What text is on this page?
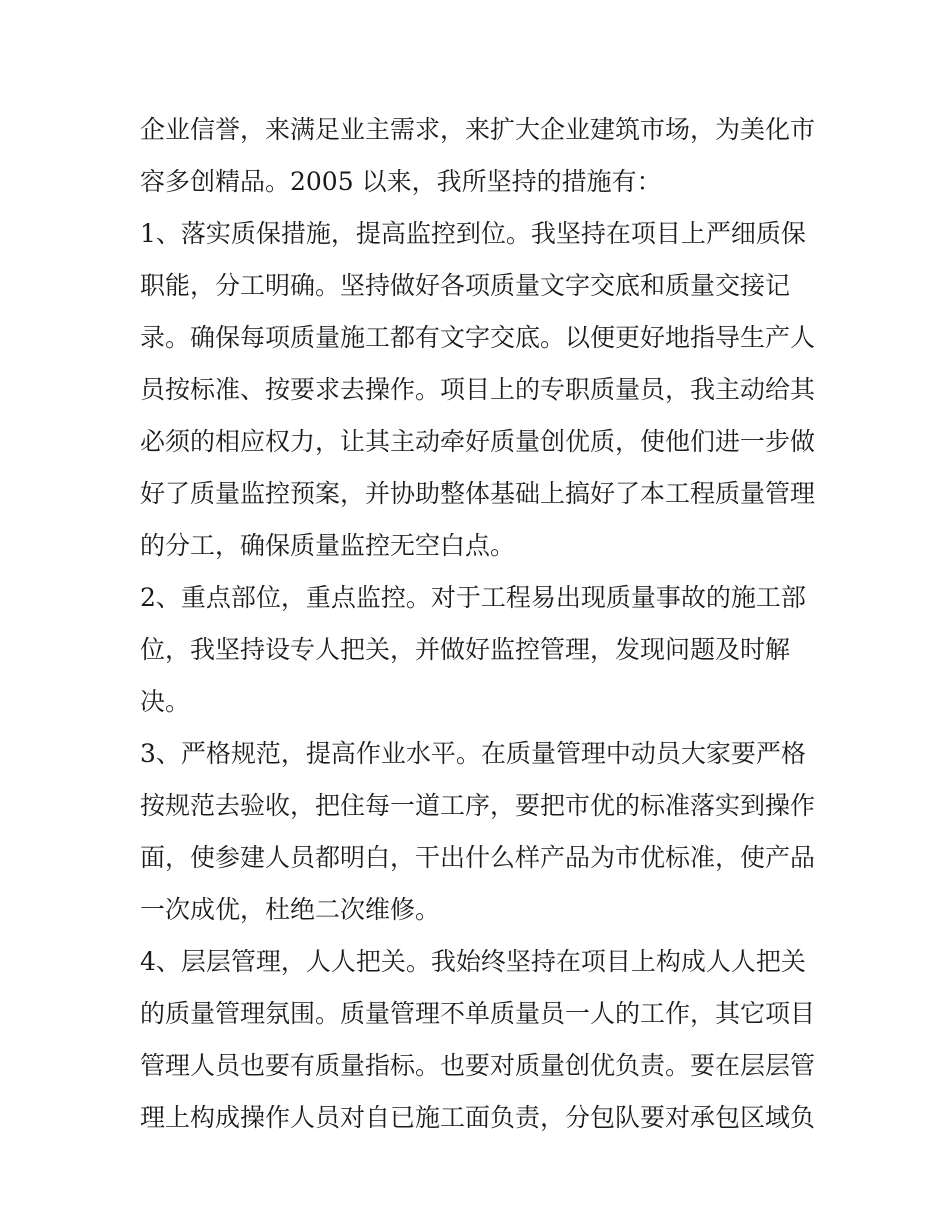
企业信誉，来满足业主需求，来扩大企业建筑市场，为美化市
容多创精品。2005 以来，我所坚持的措施有：
1、落实质保措施，提高监控到位。我坚持在项目上严细质保
职能，分工明确。坚持做好各项质量文字交底和质量交接记
录。确保每项质量施工都有文字交底。以便更好地指导生产人
员按标准、按要求去操作。项目上的专职质量员，我主动给其
必须的相应权力，让其主动牵好质量创优质，使他们进一步做
好了质量监控预案，并协助整体基础上搞好了本工程质量管理
的分工，确保质量监控无空白点。
2、重点部位，重点监控。对于工程易出现质量事故的施工部
位，我坚持设专人把关，并做好监控管理，发现问题及时解
决。
3、严格规范，提高作业水平。在质量管理中动员大家要严格
按规范去验收，把住每一道工序，要把市优的标准落实到操作
面，使参建人员都明白，干出什么样产品为市优标准，使产品
一次成优，杜绝二次维修。
4、层层管理，人人把关。我始终坚持在项目上构成人人把关
的质量管理氛围。质量管理不单质量员一人的工作，其它项目
管理人员也要有质量指标。也要对质量创优负责。要在层层管
理上构成操作人员对自已施工面负责，分包队要对承包区域负
